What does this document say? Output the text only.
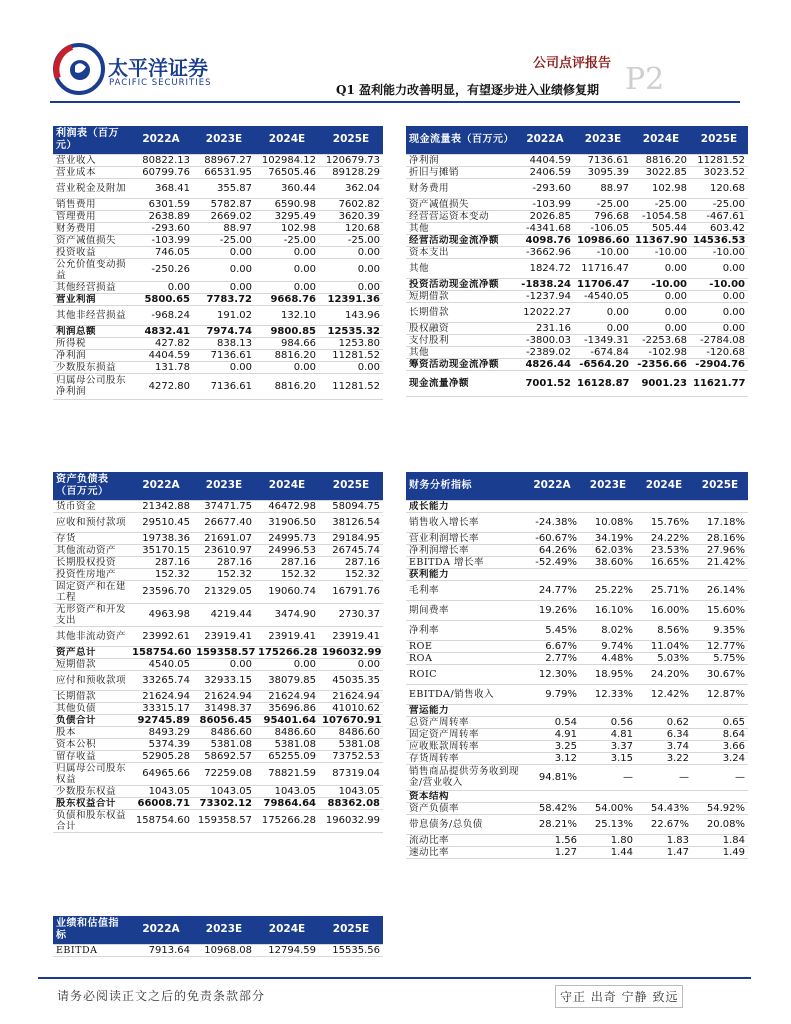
太平洋证券
PACIFIC SECURITIES
公司点评报告 P2
Q1 盈利能力改善明显，有望逐步进入业绩修复期
利润表（百万元）	2022A	2023E	2024E	2025E
营业收入	80822.13	88967.27	102984.12	120679.73
营业成本	60799.76	66531.95	76505.46	89128.29
营业税金及附加	368.41	355.87	360.44	362.04
销售费用	6301.59	5782.87	6590.98	7602.82
管理费用	2638.89	2669.02	3295.49	3620.39
财务费用	-293.60	88.97	102.98	120.68
资产减值损失	-103.99	-25.00	-25.00	-25.00
投资收益	746.05	0.00	0.00	0.00
公允价值变动损益	-250.26	0.00	0.00	0.00
其他经营损益	0.00	0.00	0.00	0.00
营业利润	5800.65	7783.72	9668.76	12391.36
其他非经营损益	-968.24	191.02	132.10	143.96
利润总额	4832.41	7974.74	9800.85	12535.32
所得税	427.82	838.13	984.66	1253.80
净利润	4404.59	7136.61	8816.20	11281.52
少数股东损益	131.78	0.00	0.00	0.00
归属母公司股东净利润	4272.80	7136.61	8816.20	11281.52
现金流量表（百万元）	2022A	2023E	2024E	2025E
净利润	4404.59	7136.61	8816.20	11281.52
折旧与摊销	2406.59	3095.39	3022.85	3023.52
财务费用	-293.60	88.97	102.98	120.68
资产减值损失	-103.99	-25.00	-25.00	-25.00
经营营运资本变动	2026.85	796.68	-1054.58	-467.61
其他	-4341.68	-106.05	505.44	603.42
经营活动现金流净额	4098.76	10986.60	11367.90	14536.53
资本支出	-3662.96	-10.00	-10.00	-10.00
其他	1824.72	11716.47	0.00	0.00
投资活动现金流净额	-1838.24	11706.47	-10.00	-10.00
短期借款	-1237.94	-4540.05	0.00	0.00
长期借款	12022.27	0.00	0.00	0.00
股权融资	231.16	0.00	0.00	0.00
支付股利	-3800.03	-1349.31	-2253.68	-2784.08
其他	-2389.02	-674.84	-102.98	-120.68
筹资活动现金流净额	4826.44	-6564.20	-2356.66	-2904.76
现金流量净额	7001.52	16128.87	9001.23	11621.77
资产负债表（百万元）	2022A	2023E	2024E	2025E
货币资金	21342.88	37471.75	46472.98	58094.75
应收和预付款项	29510.45	26677.40	31906.50	38126.54
存货	19738.36	21691.07	24995.73	29184.95
其他流动资产	35170.15	23610.97	24996.53	26745.74
长期股权投资	287.16	287.16	287.16	287.16
投资性房地产	152.32	152.32	152.32	152.32
固定资产和在建工程	23596.70	21329.05	19060.74	16791.76
无形资产和开发支出	4963.98	4219.44	3474.90	2730.37
其他非流动资产	23992.61	23919.41	23919.41	23919.41
资产总计	158754.60	159358.57	175266.28	196032.99
短期借款	4540.05	0.00	0.00	0.00
应付和预收款项	33265.74	32933.15	38079.85	45035.35
长期借款	21624.94	21624.94	21624.94	21624.94
其他负债	33315.17	31498.37	35696.86	41010.62
负债合计	92745.89	86056.45	95401.64	107670.91
股本	8493.29	8486.60	8486.60	8486.60
资本公积	5374.39	5381.08	5381.08	5381.08
留存收益	52905.28	58692.57	65255.09	73752.53
归属母公司股东权益	64965.66	72259.08	78821.59	87319.04
少数股东权益	1043.05	1043.05	1043.05	1043.05
股东权益合计	66008.71	73302.12	79864.64	88362.08
负债和股东权益合计	158754.60	159358.57	175266.28	196032.99
业绩和估值指标	2022A	2023E	2024E	2025E
EBITDA	7913.64	10968.08	12794.59	15535.56
财务分析指标	2022A	2023E	2024E	2025E
成长能力				
销售收入增长率	-24.38%	10.08%	15.76%	17.18%
营业利润增长率	-60.67%	34.19%	24.22%	28.16%
净利润增长率	64.26%	62.03%	23.53%	27.96%
EBITDA 增长率	-52.49%	38.60%	16.65%	21.42%
获利能力				
毛利率	24.77%	25.22%	25.71%	26.14%
期间费率	19.26%	16.10%	16.00%	15.60%
净利率	5.45%	8.02%	8.56%	9.35%
ROE	6.67%	9.74%	11.04%	12.77%
ROA	2.77%	4.48%	5.03%	5.75%
ROIC	12.30%	18.95%	24.20%	30.67%
EBITDA/销售收入	9.79%	12.33%	12.42%	12.87%
营运能力				
总资产周转率	0.54	0.56	0.62	0.65
固定资产周转率	4.91	4.81	6.34	8.64
应收账款周转率	3.25	3.37	3.74	3.66
存货周转率	3.12	3.15	3.22	3.24
销售商品提供劳务收到现金/营业收入	94.81%	—	—	—
资本结构				
资产负债率	58.42%	54.00%	54.43%	54.92%
带息债务/总负债	28.21%	25.13%	22.67%	20.08%
流动比率	1.56	1.80	1.83	1.84
速动比率	1.27	1.44	1.47	1.49
请务必阅读正文之后的免责条款部分	守正 出奇 宁静 致远
